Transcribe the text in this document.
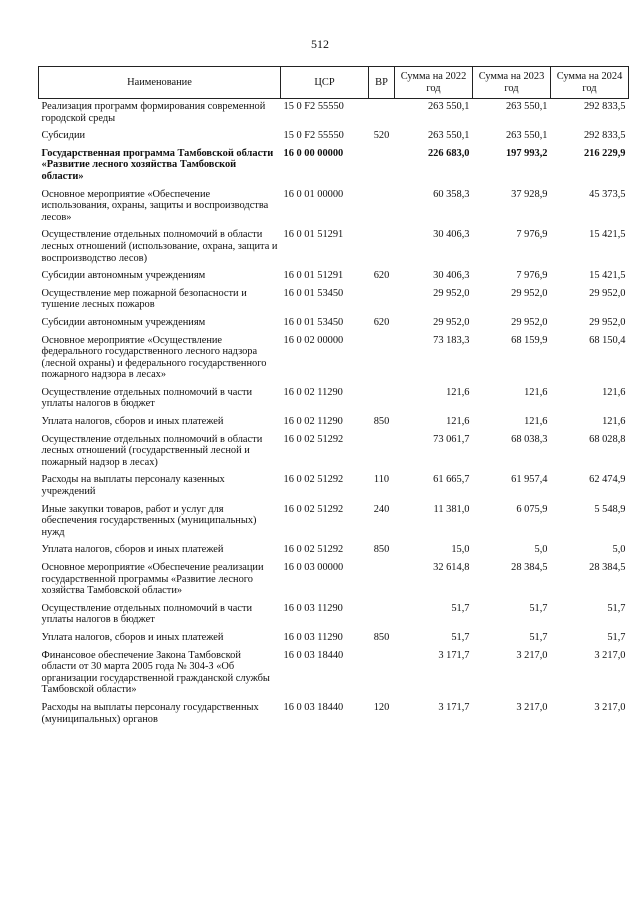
512
Наименование	ЦСР	ВР	Сумма на 2022 год	Сумма на 2023 год	Сумма на 2024 год
Реализация программ формирования современной городской среды	15 0 F2 55550		263 550,1	263 550,1	292 833,5
Субсидии	15 0 F2 55550	520	263 550,1	263 550,1	292 833,5
Государственная программа Тамбовской области «Развитие лесного хозяйства Тамбовской области»	16 0 00 00000		226 683,0	197 993,2	216 229,9
Основное мероприятие «Обеспечение использования, охраны, защиты и воспроизводства лесов»	16 0 01 00000		60 358,3	37 928,9	45 373,5
Осуществление отдельных полномочий в области лесных отношений (использование, охрана, защита и воспроизводство лесов)	16 0 01 51291		30 406,3	7 976,9	15 421,5
Субсидии автономным учреждениям	16 0 01 51291	620	30 406,3	7 976,9	15 421,5
Осуществление мер пожарной безопасности и тушение лесных пожаров	16 0 01 53450		29 952,0	29 952,0	29 952,0
Субсидии автономным учреждениям	16 0 01 53450	620	29 952,0	29 952,0	29 952,0
Основное мероприятие «Осуществление федерального государственного лесного надзора (лесной охраны) и федерального государственного пожарного надзора в лесах»	16 0 02 00000		73 183,3	68 159,9	68 150,4
Осуществление отдельных полномочий в части уплаты налогов в бюджет	16 0 02 11290		121,6	121,6	121,6
Уплата налогов, сборов и иных платежей	16 0 02 11290	850	121,6	121,6	121,6
Осуществление отдельных полномочий в области лесных отношений (государственный лесной и пожарный надзор в лесах)	16 0 02 51292		73 061,7	68 038,3	68 028,8
Расходы на выплаты персоналу казенных учреждений	16 0 02 51292	110	61 665,7	61 957,4	62 474,9
Иные закупки товаров, работ и услуг для обеспечения государственных (муниципальных) нужд	16 0 02 51292	240	11 381,0	6 075,9	5 548,9
Уплата налогов, сборов и иных платежей	16 0 02 51292	850	15,0	5,0	5,0
Основное мероприятие «Обеспечение реализации государственной программы «Развитие лесного хозяйства Тамбовской области»	16 0 03 00000		32 614,8	28 384,5	28 384,5
Осуществление отдельных полномочий в части уплаты налогов в бюджет	16 0 03 11290		51,7	51,7	51,7
Уплата налогов, сборов и иных платежей	16 0 03 11290	850	51,7	51,7	51,7
Финансовое обеспечение Закона Тамбовской области от 30 марта 2005 года № 304-З «Об организации государственной гражданской службы Тамбовской области»	16 0 03 18440		3 171,7	3 217,0	3 217,0
Расходы на выплаты персоналу государственных (муниципальных) органов	16 0 03 18440	120	3 171,7	3 217,0	3 217,0
